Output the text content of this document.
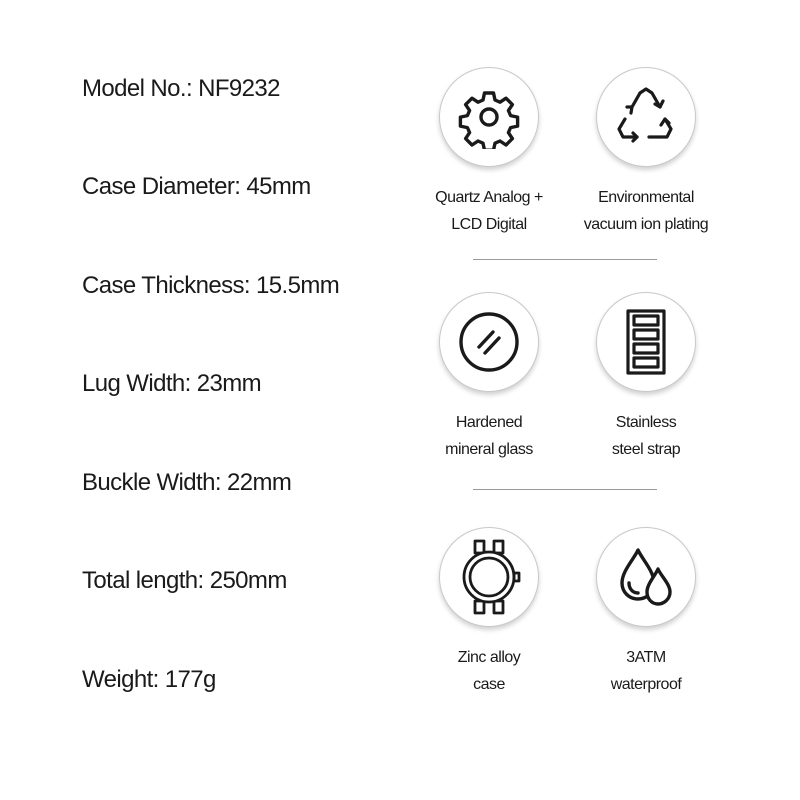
Model No.: NF9232
Case Diameter: 45mm
Case Thickness: 15.5mm
Lug Width: 23mm
Buckle Width: 22mm
Total length: 250mm
Weight: 177g
Quartz Analog +
LCD Digital
Environmental
vacuum ion plating
Hardened
mineral glass
Stainless
steel strap
Zinc alloy
case
3ATM
waterproof
